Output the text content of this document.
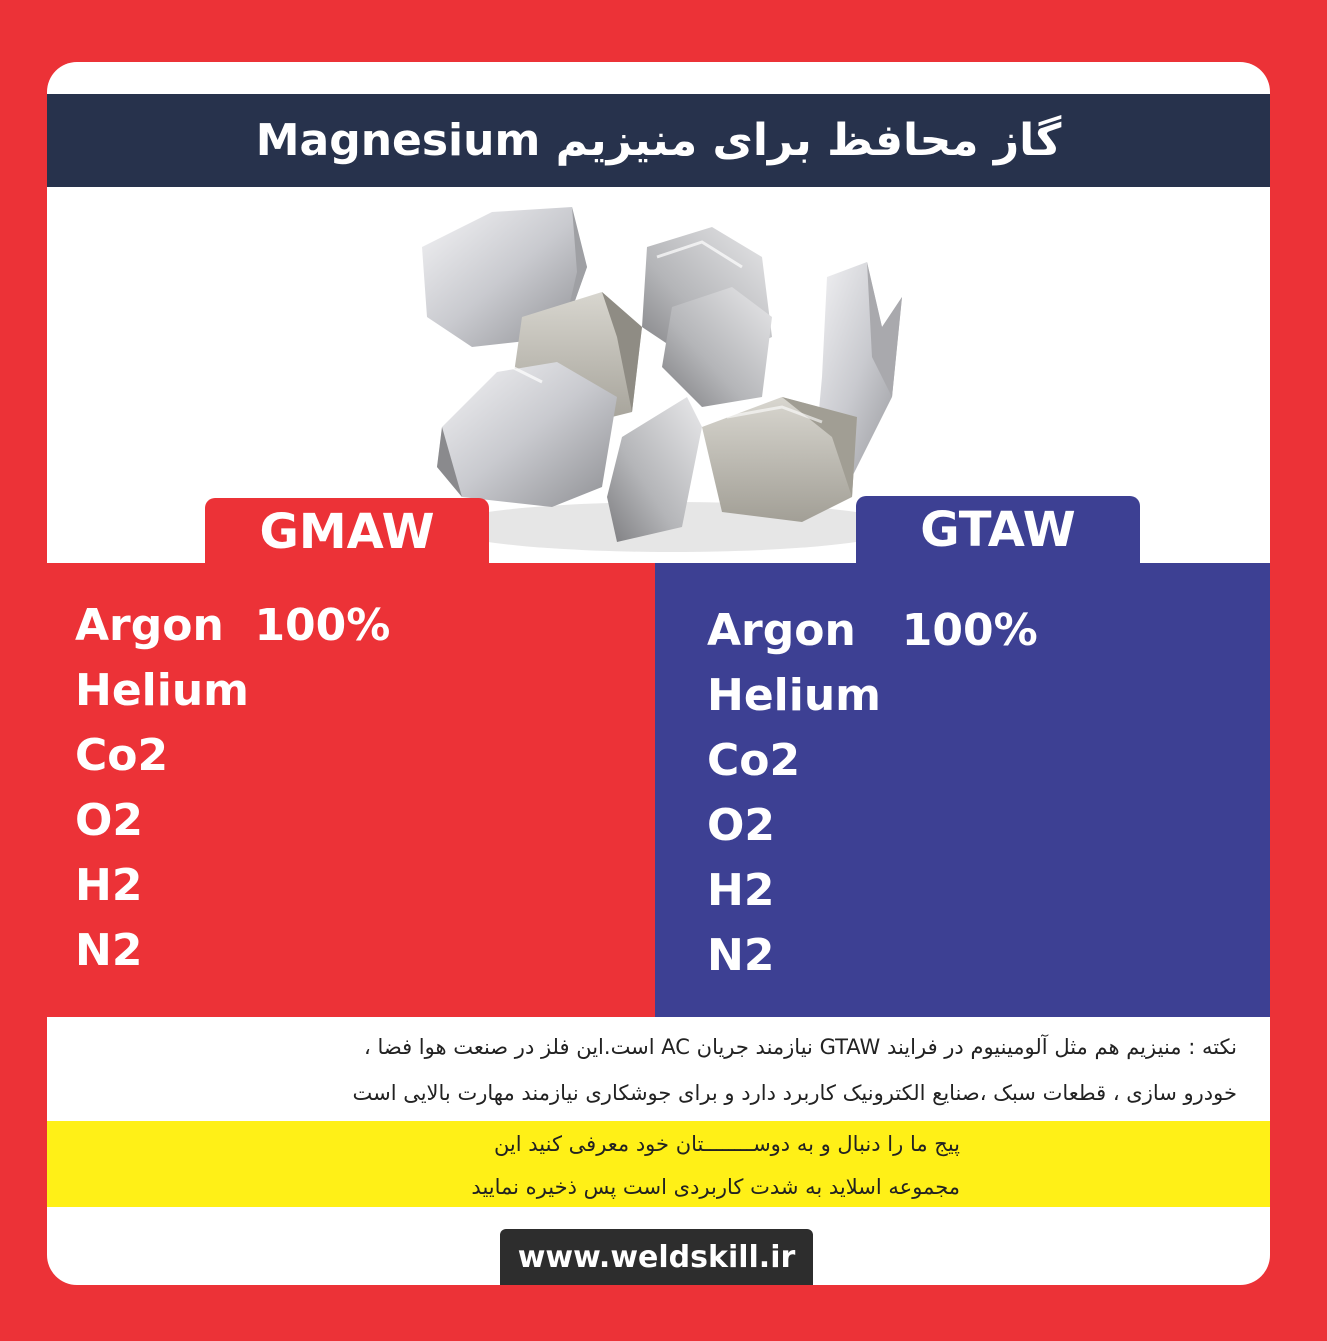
گاز محافظ برای منیزیم Magnesium
GMAW	GTAW
Argon  100%
Helium
Co2
O2
H2
N2
Argon   100%
Helium
Co2
O2
H2
N2
نکته : منیزیم هم مثل آلومینیوم در فرایند GTAW نیازمند جریان AC است.این فلز در صنعت هوا فضا ،
خودرو سازی ، قطعات سبک ،صنایع الکترونیک کاربرد دارد و برای جوشکاری نیازمند مهارت بالایی است

پیج ما را دنبال و به دوســــــــتان خود معرفی کنید این

مجموعه اسلاید به شدت کاربردی است پس ذخیره نمایید

www.weldskill.ir
